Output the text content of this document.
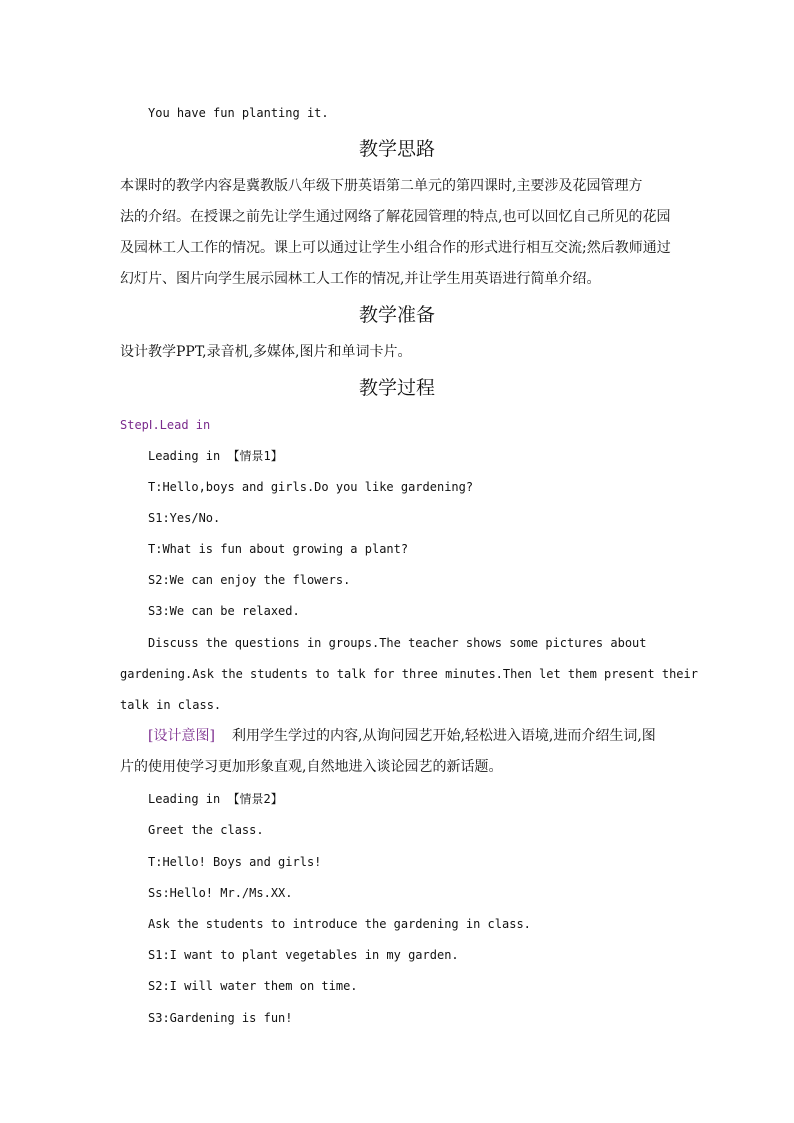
You have fun planting it.
教学思路
本课时的教学内容是冀教版八年级下册英语第二单元的第四课时,主要涉及花园管理方
法的介绍。在授课之前先让学生通过网络了解花园管理的特点,也可以回忆自己所见的花园
及园林工人工作的情况。课上可以通过让学生小组合作的形式进行相互交流;然后教师通过
幻灯片、图片向学生展示园林工人工作的情况,并让学生用英语进行简单介绍。
教学准备
设计教学PPT,录音机,多媒体,图片和单词卡片。
教学过程
StepⅠ.Lead in
Leading in 【情景1】
T:Hello,boys and girls.Do you like gardening?
S1:Yes/No.
T:What is fun about growing a plant?
S2:We can enjoy the flowers.
S3:We can be relaxed.
Discuss the questions in groups.The teacher shows some pictures about
gardening.Ask the students to talk for three minutes.Then let them present their
talk in class.
[设计意图] 利用学生学过的内容,从询问园艺开始,轻松进入语境,进而介绍生词,图
片的使用使学习更加形象直观,自然地进入谈论园艺的新话题。
Leading in 【情景2】
Greet the class.
T:Hello! Boys and girls!
Ss:Hello! Mr./Ms.XX.
Ask the students to introduce the gardening in class.
S1:I want to plant vegetables in my garden.
S2:I will water them on time.
S3:Gardening is fun!
